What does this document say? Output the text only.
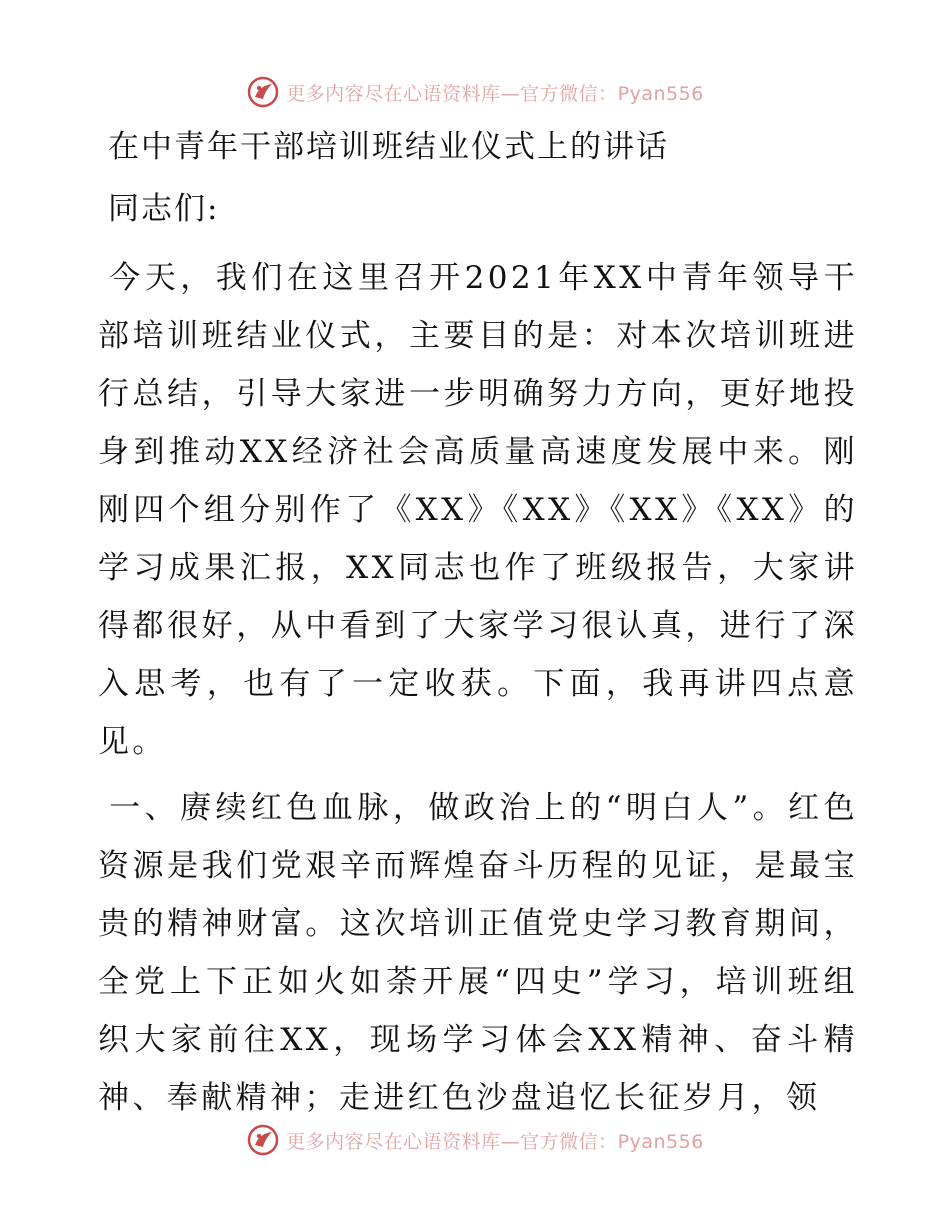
更多内容尽在心语资料库—官方微信：Pyan556
在中青年干部培训班结业仪式上的讲话
同志们:

今天，我们在这里召开2021年XX中青年领导干部培训班结业仪式，主要目的是：对本次培训班进行总结，引导大家进一步明确努力方向，更好地投身到推动XX经济社会高质量高速度发展中来。刚刚四个组分别作了《XX》《XX》《XX》《XX》的学习成果汇报，XX同志也作了班级报告，大家讲得都很好，从中看到了大家学习很认真，进行了深入思考，也有了一定收获。下面，我再讲四点意见。

一、赓续红色血脉，做政治上的“明白人”。红色资源是我们党艰辛而辉煌奋斗历程的见证，是最宝贵的精神财富。这次培训正值党史学习教育期间，全党上下正如火如荼开展“四史”学习，培训班组织大家前往XX，现场学习体会XX精神、奋斗精神、奉献精神；走进红色沙盘追忆长征岁月，领

更多内容尽在心语资料库—官方微信：Pyan556
